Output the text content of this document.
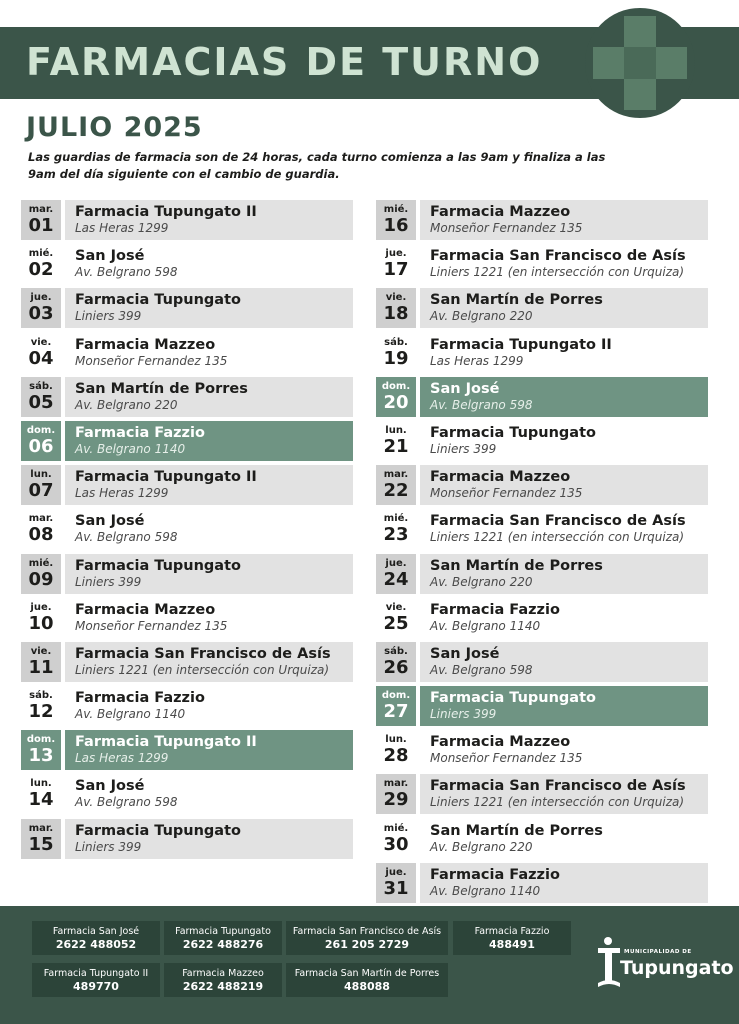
FARMACIAS DE TURNO
JULIO 2025
Las guardias de farmacia son de 24 horas, cada turno comienza a las 9am y finaliza a las 9am del día siguiente con el cambio de guardia.
mar.
01
Farmacia Tupungato II
Las Heras 1299
mié.
02
San José
Av. Belgrano 598
jue.
03
Farmacia Tupungato
Liniers 399
vie.
04
Farmacia Mazzeo
Monseñor Fernandez 135
sáb.
05
San Martín de Porres
Av. Belgrano 220
dom.
06
Farmacia Fazzio
Av. Belgrano 1140
lun.
07
Farmacia Tupungato II
Las Heras 1299
mar.
08
San José
Av. Belgrano 598
mié.
09
Farmacia Tupungato
Liniers 399
jue.
10
Farmacia Mazzeo
Monseñor Fernandez 135
vie.
11
Farmacia San Francisco de Asís
Liniers 1221 (en intersección con Urquiza)
sáb.
12
Farmacia Fazzio
Av. Belgrano 1140
dom.
13
Farmacia Tupungato II
Las Heras 1299
lun.
14
San José
Av. Belgrano 598
mar.
15
Farmacia Tupungato
Liniers 399
mié.
16
Farmacia Mazzeo
Monseñor Fernandez 135
jue.
17
Farmacia San Francisco de Asís
Liniers 1221 (en intersección con Urquiza)
vie.
18
San Martín de Porres
Av. Belgrano 220
sáb.
19
Farmacia Tupungato II
Las Heras 1299
dom.
20
San José
Av. Belgrano 598
lun.
21
Farmacia Tupungato
Liniers 399
mar.
22
Farmacia Mazzeo
Monseñor Fernandez 135
mié.
23
Farmacia San Francisco de Asís
Liniers 1221 (en intersección con Urquiza)
jue.
24
San Martín de Porres
Av. Belgrano 220
vie.
25
Farmacia Fazzio
Av. Belgrano 1140
sáb.
26
San José
Av. Belgrano 598
dom.
27
Farmacia Tupungato
Liniers 399
lun.
28
Farmacia Mazzeo
Monseñor Fernandez 135
mar.
29
Farmacia San Francisco de Asís
Liniers 1221 (en intersección con Urquiza)
mié.
30
San Martín de Porres
Av. Belgrano 220
jue.
31
Farmacia Fazzio
Av. Belgrano 1140
Farmacia San José
2622 488052
Farmacia Tupungato
2622 488276
Farmacia San Francisco de Asís
261 205 2729
Farmacia Fazzio
488491
Farmacia Tupungato II
489770
Farmacia Mazzeo
2622 488219
Farmacia San Martín de Porres
488088
MUNICIPALIDAD DE
Tupungato
